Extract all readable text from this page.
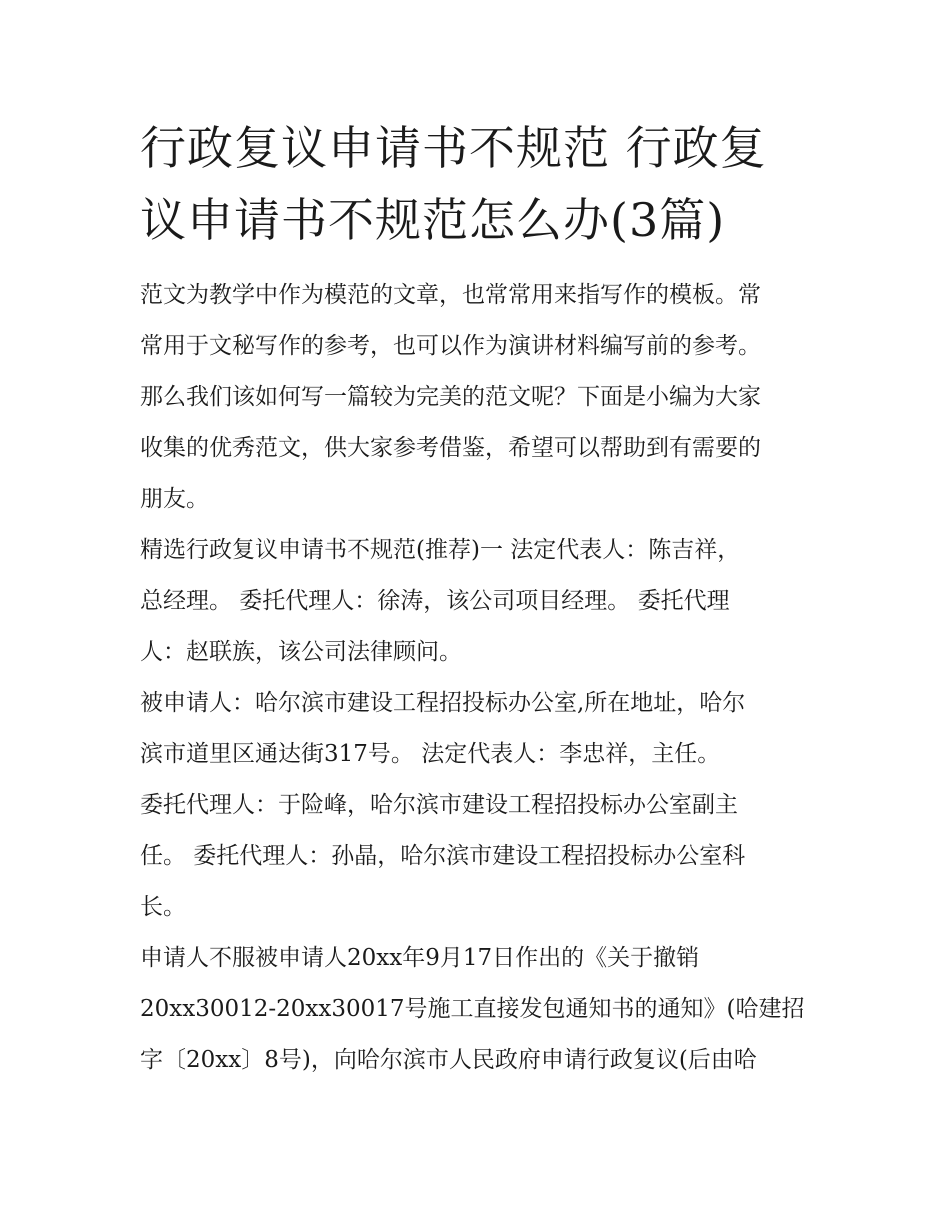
行政复议申请书不规范 行政复
议申请书不规范怎么办(3篇)
范文为教学中作为模范的文章，也常常用来指写作的模板。常
常用于文秘写作的参考，也可以作为演讲材料编写前的参考。
那么我们该如何写一篇较为完美的范文呢？下面是小编为大家
收集的优秀范文，供大家参考借鉴，希望可以帮助到有需要的
朋友。
精选行政复议申请书不规范(推荐)一 法定代表人：陈吉祥，
总经理。 委托代理人：徐涛，该公司项目经理。 委托代理
人：赵联族，该公司法律顾问。
被申请人：哈尔滨市建设工程招投标办公室,所在地址，哈尔
滨市道里区通达街317号。 法定代表人：李忠祥，主任。
委托代理人：于险峰，哈尔滨市建设工程招投标办公室副主
任。 委托代理人：孙晶，哈尔滨市建设工程招投标办公室科
长。
申请人不服被申请人20xx年9月17日作出的《关于撤销
20xx30012-20xx30017号施工直接发包通知书的通知》(哈建招
字〔20xx〕8号)，向哈尔滨市人民政府申请行政复议(后由哈
